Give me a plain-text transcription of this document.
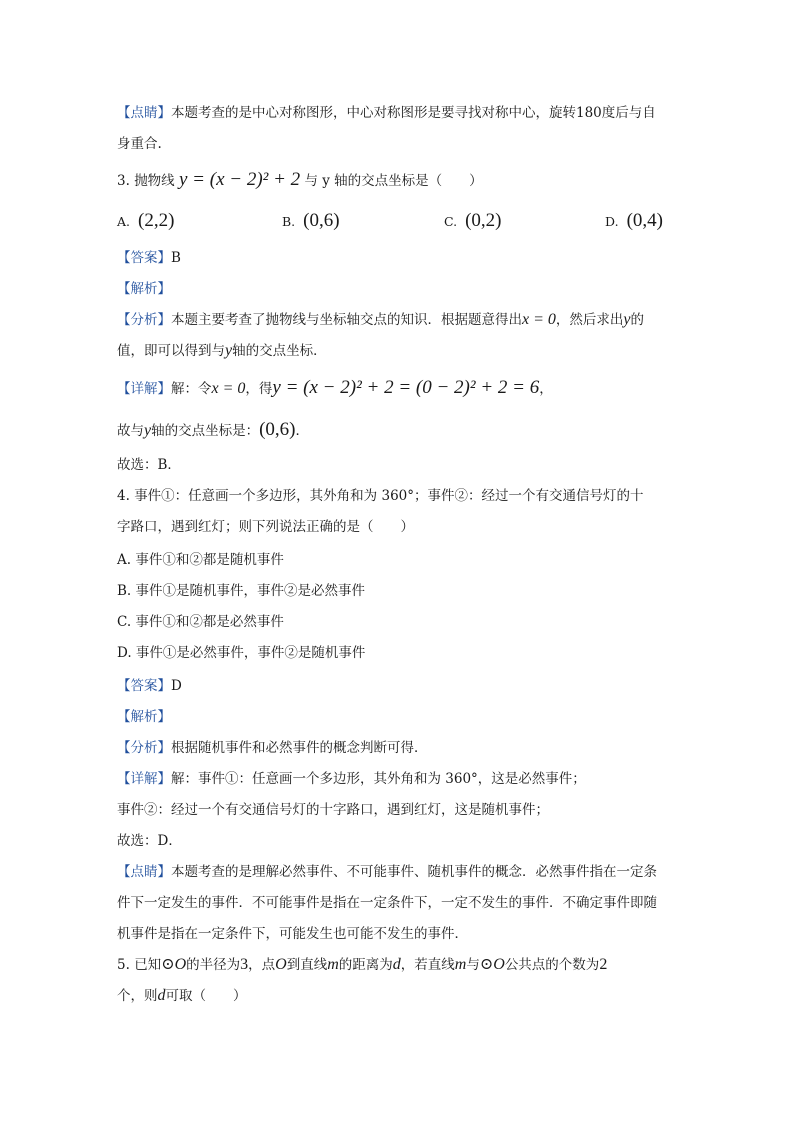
【点睛】本题考查的是中心对称图形，中心对称图形是要寻找对称中心，旋转180度后与自
身重合.
3. 抛物线 y = (x − 2)² + 2 与 y 轴的交点坐标是（　　）
A. (2,2)	B. (0,6)	C. (0,2)	D. (0,4)
【答案】B
【解析】
【分析】本题主要考查了抛物线与坐标轴交点的知识．根据题意得出x = 0，然后求出y的
值，即可以得到与y轴的交点坐标．
【详解】解：令x = 0，得y = (x − 2)² + 2 = (0 − 2)² + 2 = 6，
故与y轴的交点坐标是：(0,6)．
故选：B．
4. 事件①：任意画一个多边形，其外角和为 360°；事件②：经过一个有交通信号灯的十
字路口，遇到红灯；则下列说法正确的是（　　）
A. 事件①和②都是随机事件
B. 事件①是随机事件，事件②是必然事件
C. 事件①和②都是必然事件
D. 事件①是必然事件，事件②是随机事件
【答案】D
【解析】
【分析】根据随机事件和必然事件的概念判断可得．
【详解】解：事件①：任意画一个多边形，其外角和为 360°，这是必然事件；
事件②：经过一个有交通信号灯的十字路口，遇到红灯，这是随机事件；
故选：D．
【点睛】本题考查的是理解必然事件、不可能事件、随机事件的概念．必然事件指在一定条
件下一定发生的事件．不可能事件是指在一定条件下，一定不发生的事件．不确定事件即随
机事件是指在一定条件下，可能发生也可能不发生的事件．
5. 已知⊙O的半径为3，点O到直线m的距离为d，若直线m与⊙O公共点的个数为2
个，则d可取（　　）
